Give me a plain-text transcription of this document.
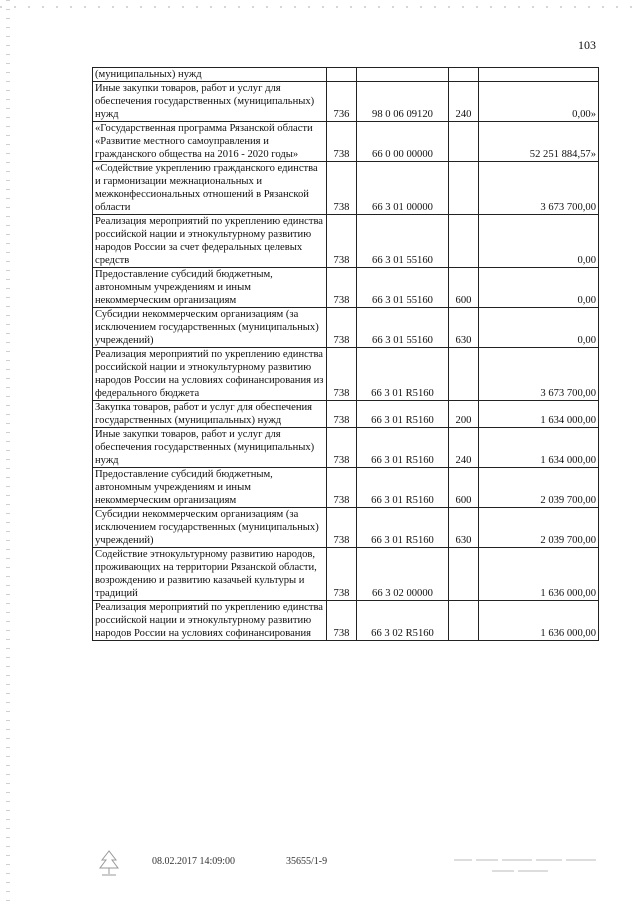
103
(муниципальных) нужд				
Иные закупки товаров, работ и услуг для обеспечения государственных (муниципальных) нужд	736	98 0 06 09120	240	0,00»
«Государственная программа Рязанской области «Развитие местного самоуправления и гражданского общества на 2016 - 2020 годы»	738	66 0 00 00000		52 251 884,57»
«Содействие укреплению гражданского единства и гармонизации межнациональных и межконфессиональных отношений в Рязанской области	738	66 3 01 00000		3 673 700,00
Реализация мероприятий по укреплению единства российской нации и этнокультурному развитию народов России за счет федеральных целевых средств	738	66 3 01 55160		0,00
Предоставление субсидий бюджетным, автономным учреждениям и иным некоммерческим организациям	738	66 3 01 55160	600	0,00
Субсидии некоммерческим организациям (за исключением государственных (муниципальных) учреждений)	738	66 3 01 55160	630	0,00
Реализация мероприятий по укреплению единства российской нации и этнокультурному развитию народов России на условиях софинансирования из федерального бюджета	738	66 3 01 R5160		3 673 700,00
Закупка товаров, работ и услуг для обеспечения государственных (муниципальных) нужд	738	66 3 01 R5160	200	1 634 000,00
Иные закупки товаров, работ и услуг для обеспечения государственных (муниципальных) нужд	738	66 3 01 R5160	240	1 634 000,00
Предоставление субсидий бюджетным, автономным учреждениям и иным некоммерческим организациям	738	66 3 01 R5160	600	2 039 700,00
Субсидии некоммерческим организациям (за исключением государственных (муниципальных) учреждений)	738	66 3 01 R5160	630	2 039 700,00
Содействие этнокультурному развитию народов, проживающих на территории Рязанской области, возрождению и развитию казачьей культуры и традиций	738	66 3 02 00000		1 636 000,00
Реализация мероприятий по укреплению единства российской нации и этнокультурному развитию народов России на условиях софинансирования	738	66 3 02 R5160		1 636 000,00
08.02.2017 14:09:00	35655/1-9
